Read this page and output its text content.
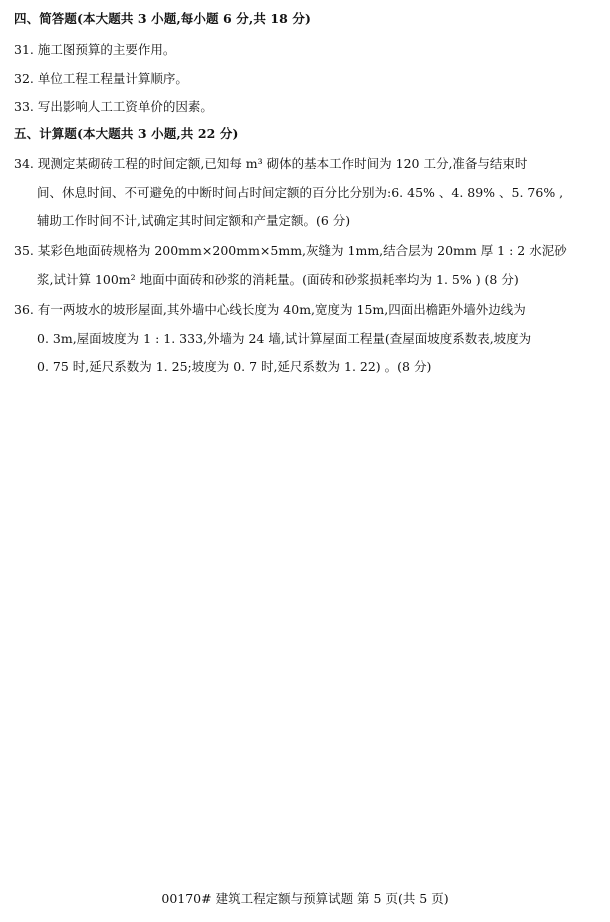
四、简答题(本大题共 3 小题,每小题 6 分,共 18 分)
31. 施工图预算的主要作用。
32. 单位工程工程量计算顺序。
33. 写出影响人工工资单价的因素。
五、计算题(本大题共 3 小题,共 22 分)
34. 现测定某砌砖工程的时间定额,已知每 m³ 砌体的基本工作时间为 120 工分,准备与结束时
间、休息时间、不可避免的中断时间占时间定额的百分比分别为:6. 45% 、4. 89% 、5. 76% ,
辅助工作时间不计,试确定其时间定额和产量定额。(6 分)
35. 某彩色地面砖规格为 200mm×200mm×5mm,灰缝为 1mm,结合层为 20mm 厚 1 : 2 水泥砂
浆,试计算 100m² 地面中面砖和砂浆的消耗量。(面砖和砂浆损耗率均为 1. 5% ) (8 分)
36. 有一两坡水的坡形屋面,其外墙中心线长度为 40m,宽度为 15m,四面出檐距外墙外边线为
0. 3m,屋面坡度为 1 : 1. 333,外墙为 24 墙,试计算屋面工程量(查屋面坡度系数表,坡度为
0. 75 时,延尺系数为 1. 25;坡度为 0. 7 时,延尺系数为 1. 22) 。(8 分)
00170# 建筑工程定额与预算试题 第 5 页(共 5 页)
